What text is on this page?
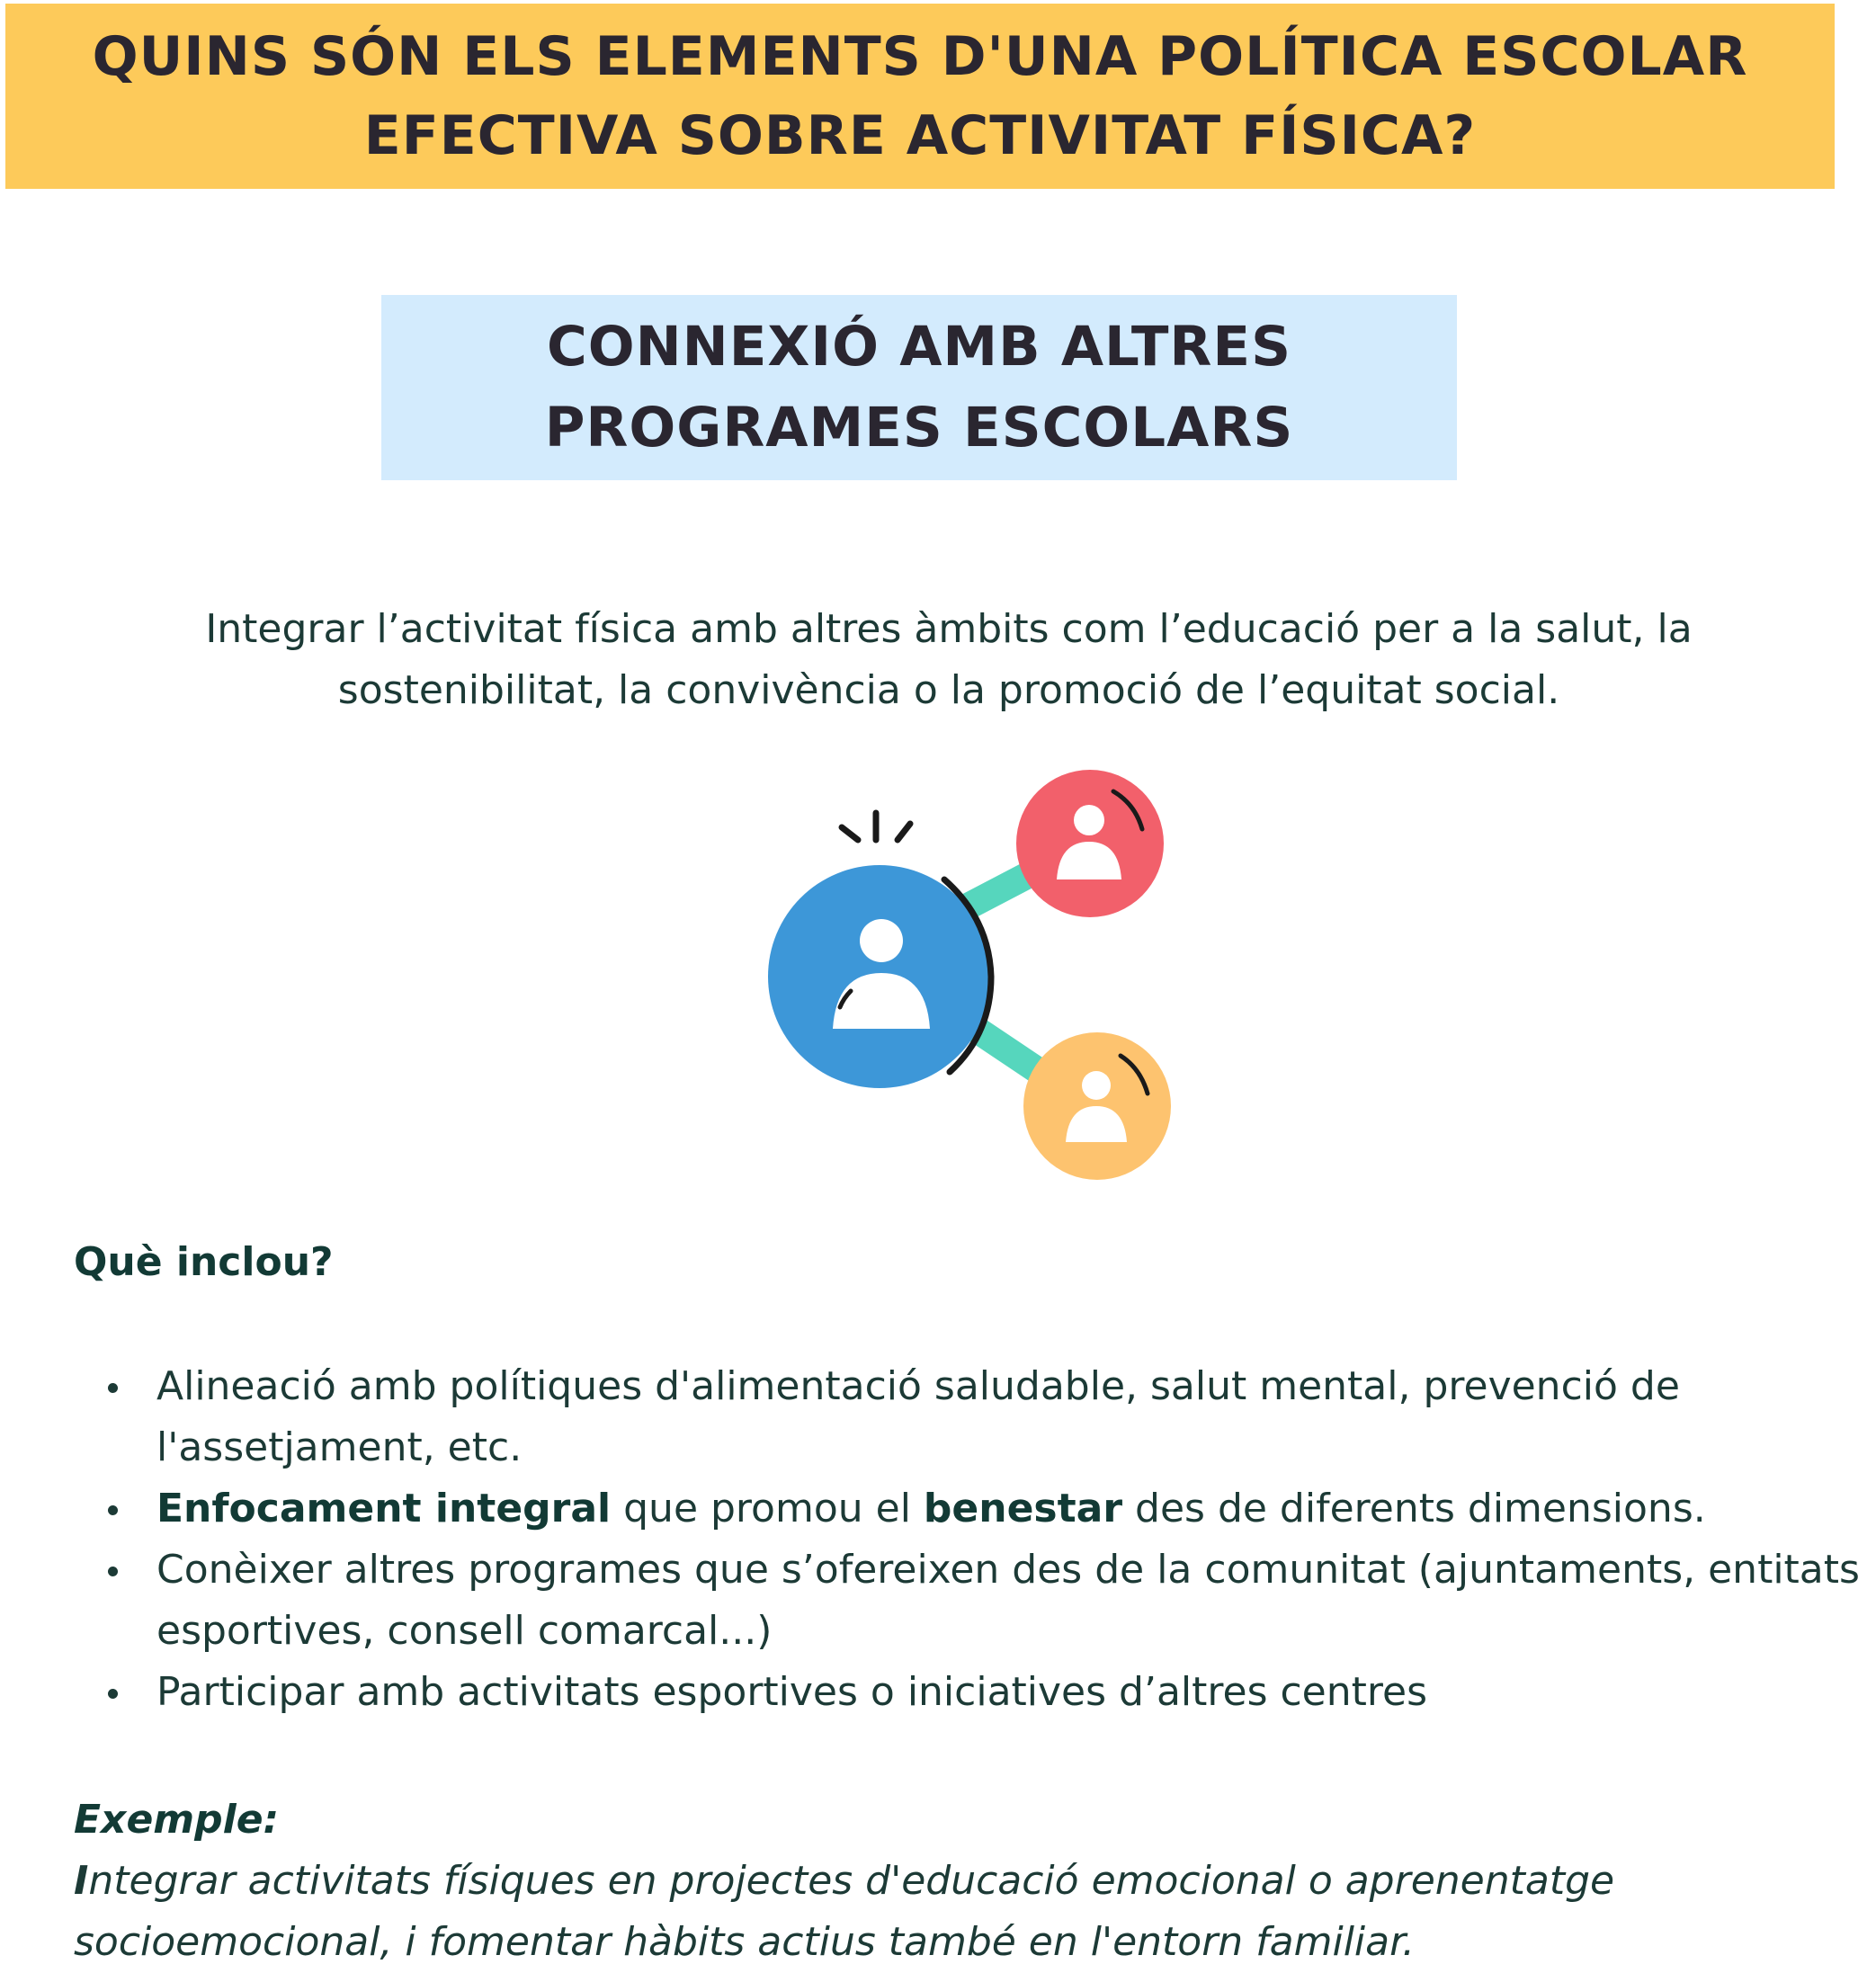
QUINS SÓN ELS ELEMENTS D'UNA POLÍTICA ESCOLAR EFECTIVA SOBRE ACTIVITAT FÍSICA?
CONNEXIÓ AMB ALTRES PROGRAMES ESCOLARS

Integrar l’activitat física amb altres àmbits com l’educació per a la salut, la sostenibilitat, la convivència o la promoció de l’equitat social.

Què inclou?
Alineació amb polítiques d'alimentació saludable, salut mental, prevenció de l'assetjament, etc.
Enfocament integral que promou el benestar des de diferents dimensions.
Conèixer altres programes que s’ofereixen des de la comunitat (ajuntaments, entitats esportives, consell comarcal...)
Participar amb activitats esportives o iniciatives d’altres centres

Exemple:

Integrar activitats físiques en projectes d'educació emocional o aprenentatge socioemocional, i fomentar hàbits actius també en l'entorn familiar.
